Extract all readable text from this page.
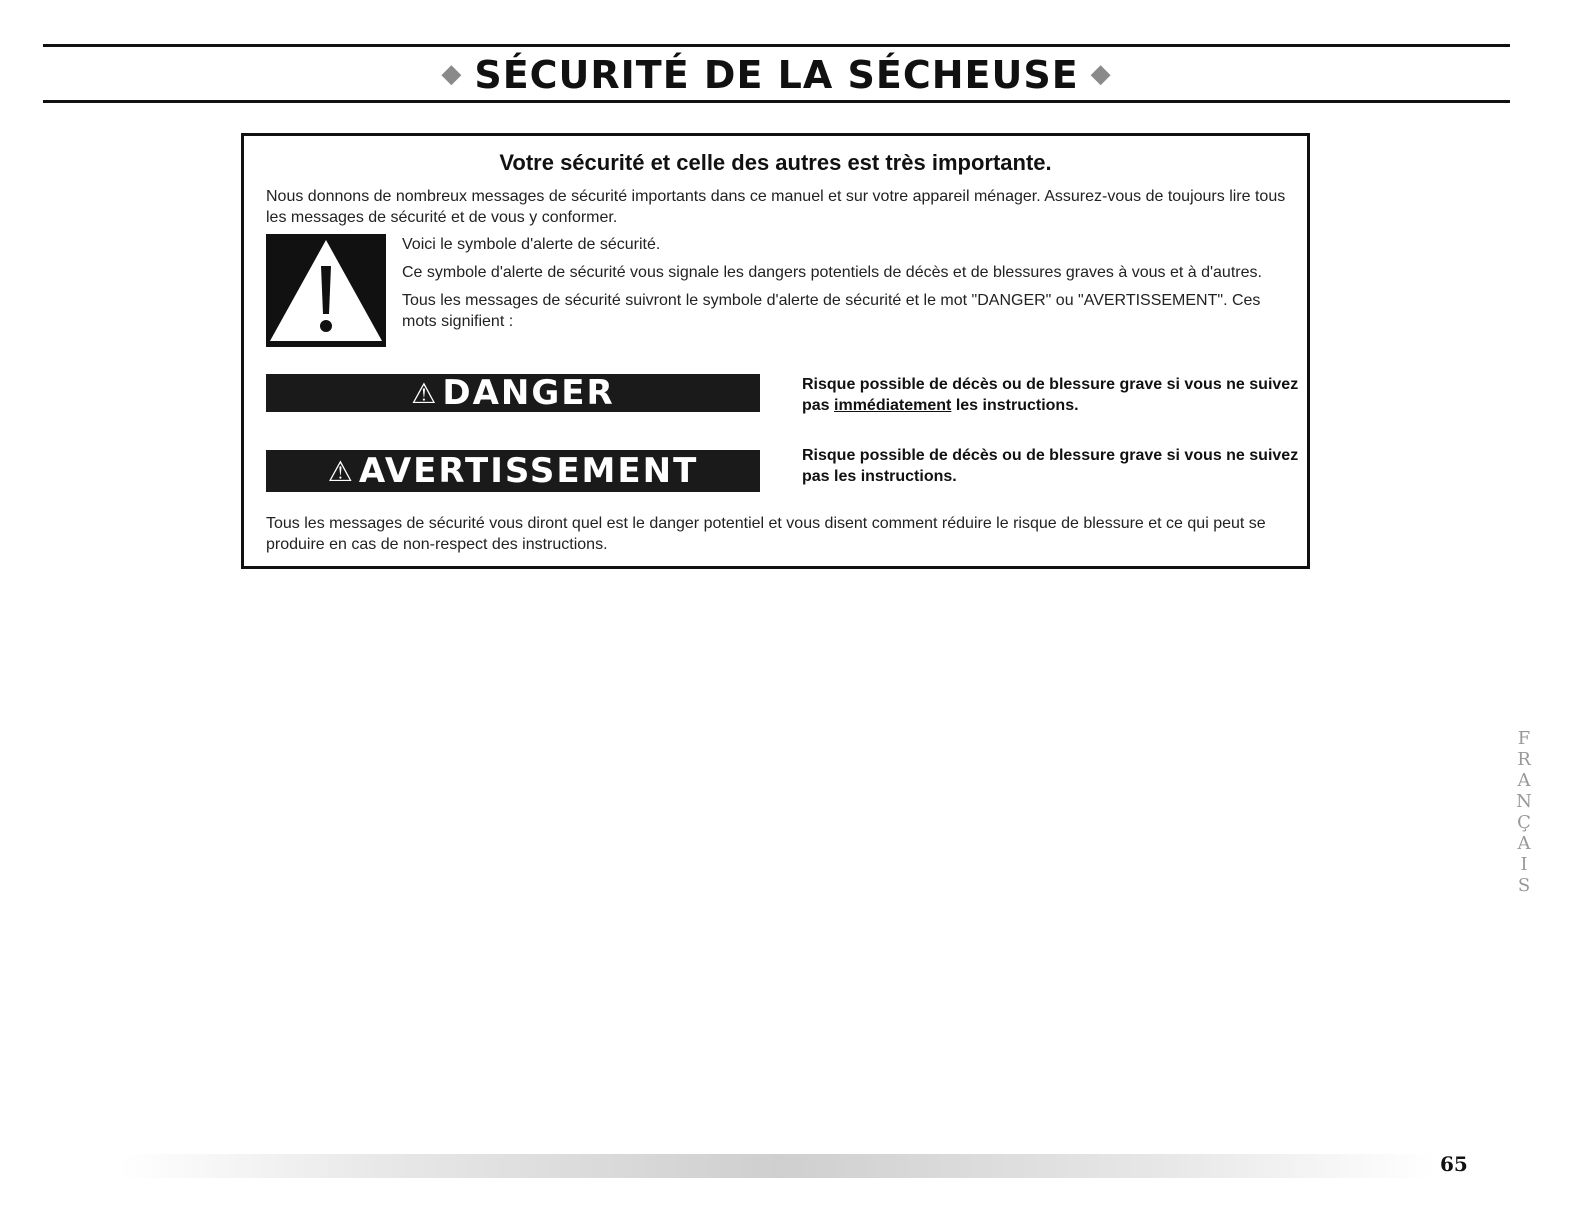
◆ SÉCURITÉ DE LA SÉCHEUSE ◆
Votre sécurité et celle des autres est très importante.
Nous donnons de nombreux messages de sécurité importants dans ce manuel et sur votre appareil ménager. Assurez-vous de toujours lire tous les messages de sécurité et de vous y conformer.

Voici le symbole d'alerte de sécurité.

Ce symbole d'alerte de sécurité vous signale les dangers potentiels de décès et de blessures graves à vous et à d'autres.

Tous les messages de sécurité suivront le symbole d'alerte de sécurité et le mot "DANGER" ou "AVERTISSEMENT". Ces mots signifient :

⚠ DANGER	Risque possible de décès ou de blessure grave si vous ne suivez pas immédiatement les instructions.
⚠ AVERTISSEMENT	Risque possible de décès ou de blessure grave si vous ne suivez pas les instructions.
Tous les messages de sécurité vous diront quel est le danger potentiel et vous disent comment réduire le risque de blessure et ce qui peut se produire en cas de non-respect des instructions.
F
R
A
N
Ç
A
I
S
65
